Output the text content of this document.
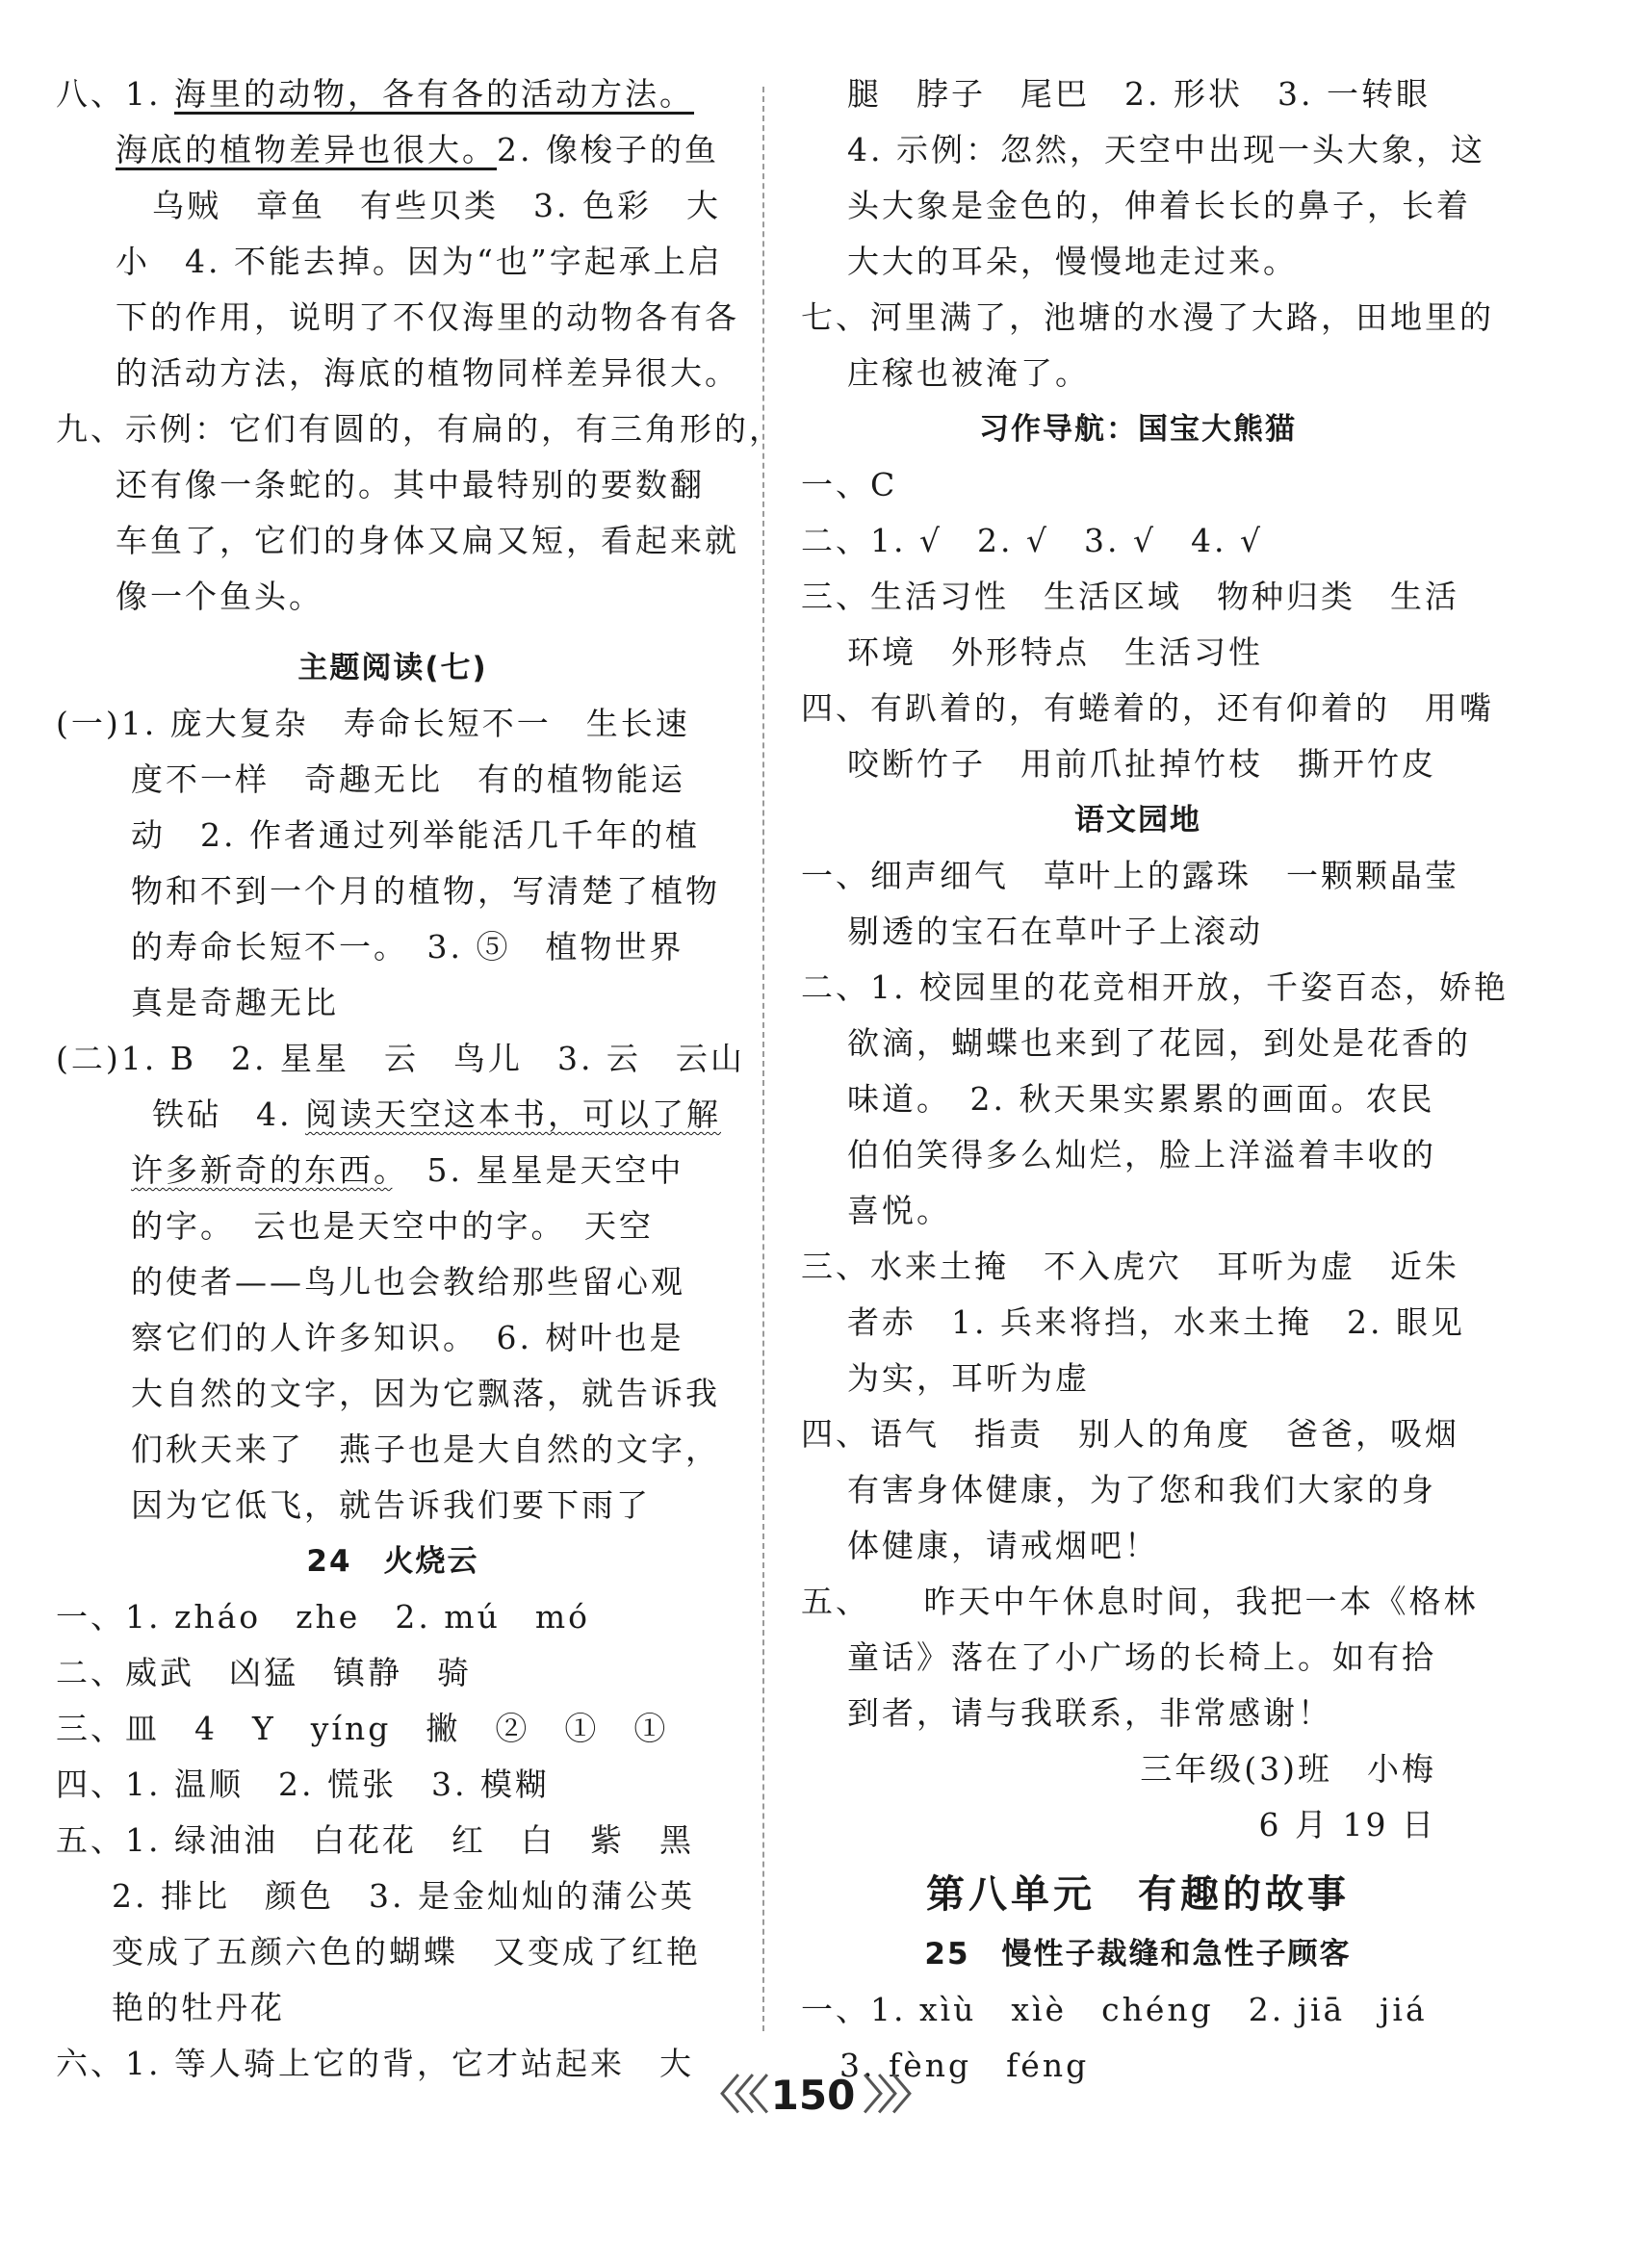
八、1. 海里的动物，各有各的活动方法。
海底的植物差异也很大。2. 像梭子的鱼
乌贼　章鱼　有些贝类　3. 色彩　大
小　4. 不能去掉。因为“也”字起承上启
下的作用，说明了不仅海里的动物各有各
的活动方法，海底的植物同样差异很大。
九、示例：它们有圆的，有扁的，有三角形的，
还有像一条蛇的。其中最特别的要数翻
车鱼了，它们的身体又扁又短，看起来就
像一个鱼头。
主题阅读(七)
(一)1. 庞大复杂　寿命长短不一　生长速
度不一样　奇趣无比　有的植物能运
动　2. 作者通过列举能活几千年的植
物和不到一个月的植物，写清楚了植物
的寿命长短不一。　3. ⑤　植物世界
真是奇趣无比
(二)1. B　2. 星星　云　鸟儿　3. 云　云山
铁砧　4. 阅读天空这本书，可以了解
许多新奇的东西。　5. 星星是天空中
的字。　云也是天空中的字。　天空
的使者——鸟儿也会教给那些留心观
察它们的人许多知识。　6. 树叶也是
大自然的文字，因为它飘落，就告诉我
们秋天来了　燕子也是大自然的文字，
因为它低飞，就告诉我们要下雨了
24　火烧云
一、1. zháo　zhe　2. mú　mó
二、威武　凶猛　镇静　骑
三、皿　4　Y　yíng　撇　②　①　①
四、1. 温顺　2. 慌张　3. 模糊
五、1. 绿油油　白花花　红　白　紫　黑
2. 排比　颜色　3. 是金灿灿的蒲公英
变成了五颜六色的蝴蝶　又变成了红艳
艳的牡丹花
六、1. 等人骑上它的背，它才站起来　大
腿　脖子　尾巴　2. 形状　3. 一转眼
4. 示例：忽然，天空中出现一头大象，这
头大象是金色的，伸着长长的鼻子，长着
大大的耳朵，慢慢地走过来。
七、河里满了，池塘的水漫了大路，田地里的
庄稼也被淹了。
习作导航：国宝大熊猫
一、C
二、1. √　2. √　3. √　4. √
三、生活习性　生活区域　物种归类　生活
环境　外形特点　生活习性
四、有趴着的，有蜷着的，还有仰着的　用嘴
咬断竹子　用前爪扯掉竹枝　撕开竹皮
语文园地
一、细声细气　草叶上的露珠　一颗颗晶莹
剔透的宝石在草叶子上滚动
二、1. 校园里的花竞相开放，千姿百态，娇艳
欲滴，蝴蝶也来到了花园，到处是花香的
味道。　2. 秋天果实累累的画面。农民
伯伯笑得多么灿烂，脸上洋溢着丰收的
喜悦。
三、水来土掩　不入虎穴　耳听为虚　近朱
者赤　1. 兵来将挡，水来土掩　2. 眼见
为实，耳听为虚
四、语气　指责　别人的角度　爸爸，吸烟
有害身体健康，为了您和我们大家的身
体健康，请戒烟吧！
五、　　昨天中午休息时间，我把一本《格林
童话》落在了小广场的长椅上。如有拾
到者，请与我联系，非常感谢！
三年级(3)班　小梅
6 月 19 日
第八单元　有趣的故事
25　慢性子裁缝和急性子顾客
一、1. xìù　xìè　chéng　2. jiā　jiá
3. fèng　féng
〈〈〈 150 〉〉〉
